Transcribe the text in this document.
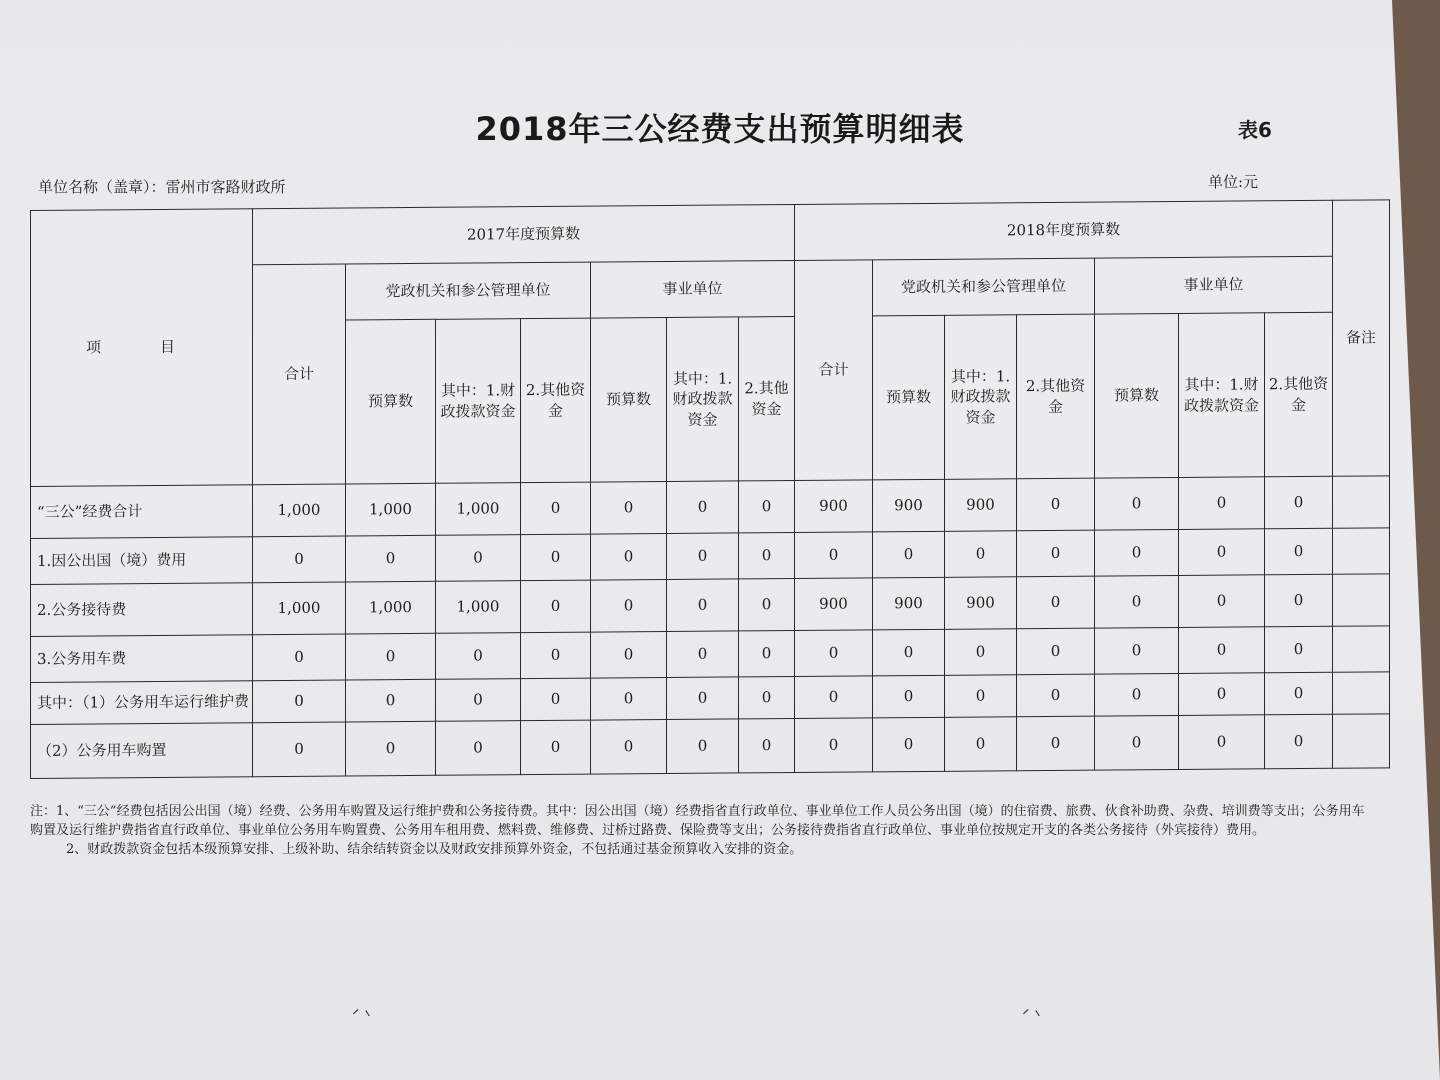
2018年三公经费支出预算明细表	表6
单位名称（盖章）：雷州市客路财政所	单位:元
项　目	2017年度预算数							2018年度预算数							备注
	合计	党政机关和参公管理单位			事业单位			合计	党政机关和参公管理单位			事业单位			
		预算数	其中：1.财政拨款资金	2.其他资金	预算数	其中：1.财政拨款资金	2.其他资金		预算数	其中：1.财政拨款资金	2.其他资金	预算数	其中：1.财政拨款资金	2.其他资金	
“三公”经费合计	1,000	1,000	1,000	0	0	0	0	900	900	900	0	0	0	0	
1.因公出国（境）费用	0	0	0	0	0	0	0	0	0	0	0	0	0	0	
2.公务接待费	1,000	1,000	1,000	0	0	0	0	900	900	900	0	0	0	0	
3.公务用车费	0	0	0	0	0	0	0	0	0	0	0	0	0	0	
其中：（1）公务用车运行维护费	0	0	0	0	0	0	0	0	0	0	0	0	0	0	
（2）公务用车购置	0	0	0	0	0	0	0	0	0	0	0	0	0	0	

注：1、“三公”经费包括因公出国（境）经费、公务用车购置及运行维护费和公务接待费。其中：因公出国（境）经费指省直行政单位、事业单位工作人员公务出国（境）的住宿费、旅费、伙食补助费、杂费、培训费等支出；公务用车购置及运行维护费指省直行政单位、事业单位公务用车购置费、公务用车租用费、燃料费、维修费、过桥过路费、保险费等支出；公务接待费指省直行政单位、事业单位按规定开支的各类公务接待（外宾接待）费用。

2、财政拨款资金包括本级预算安排、上级补助、结余结转资金以及财政安排预算外资金，不包括通过基金预算收入安排的资金。

ᐟ ᐠ	ᐟ ᐠ
